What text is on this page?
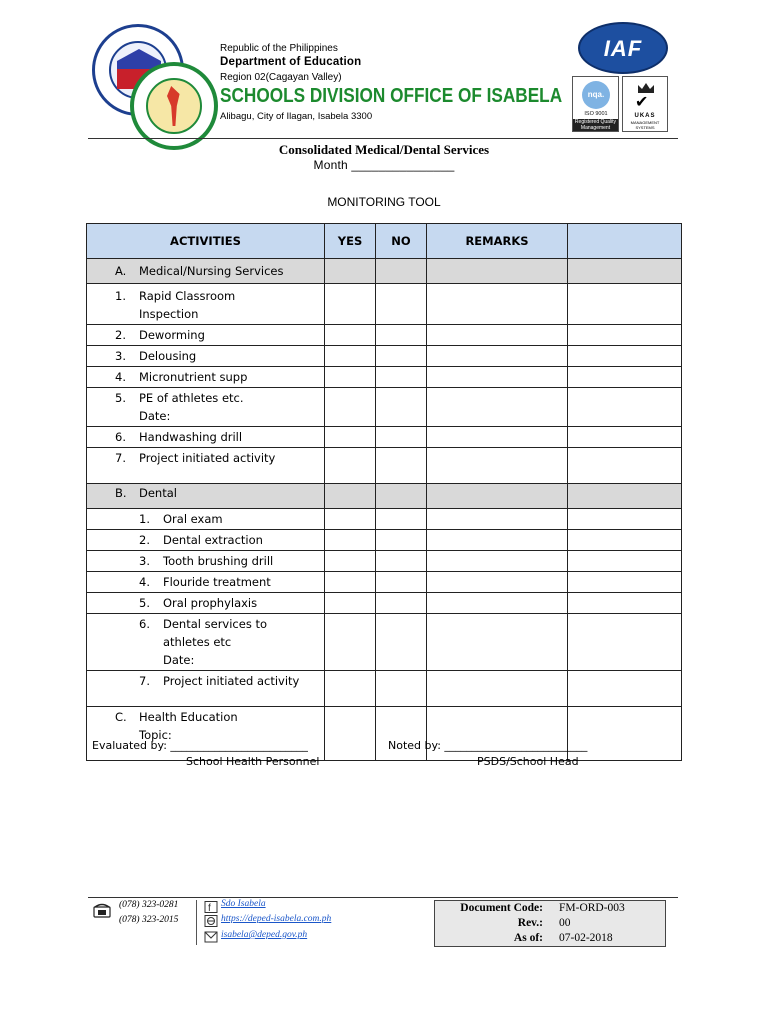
Republic of the Philippines
Department of Education
Region 02(Cagayan Valley)
SCHOOLS DIVISION OFFICE OF ISABELA
Alibagu, City of Ilagan, Isabela 3300
IAF
nqa.
ISO 9001
Registered Quality Management
✔
UKAS
MANAGEMENT SYSTEMS
Consolidated Medical/Dental Services
Month _______________
MONITORING TOOL
ACTIVITIES	YES	NO	REMARKS	

A. Medical/Nursing Services				

1. Rapid Classroom
Inspection				

2. Deworming				

3. Delousing				

4. Micronutrient supp				

5. PE of athletes etc.
Date:				

6. Handwashing drill				

7. Project initiated activity				

B. Dental				

1. Oral exam				

2. Dental extraction				

3. Tooth brushing drill				

4. Flouride treatment				

5. Oral prophylaxis				

6. Dental services to
athletes etc
Date:				

7. Project initiated activity				

C. Health Education
Topic:				

Evaluated by: _________________________
School Health Personnel
Noted by: __________________________
PSDS/School Head
(078) 323-0281
(078) 323-2015
f Sdo Isabela
https://deped-isabela.com.ph
isabela@deped.gov.ph
Document Code: FM-ORD-003
Rev.: 00
As of: 07-02-2018
